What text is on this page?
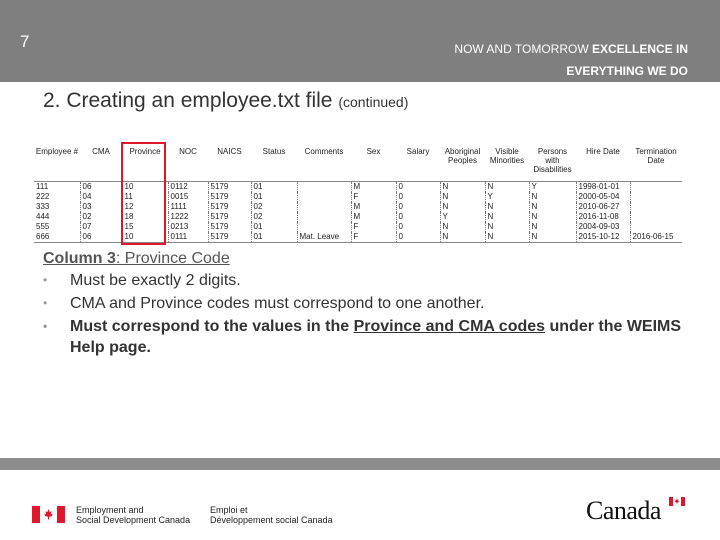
7	NOW AND TOMORROW EXCELLENCE IN EVERYTHING WE DO
2. Creating an employee.txt file (continued)
Employee #	CMA	Province	NOC	NAICS	Status	Comments	Sex	Salary	Aboriginal Peoples	Visible Minorities	Persons with Disabilities	Hire Date	Termination Date
111	06	10	0112	5179	01		M	0	N	N	Y	1998-01-01	
222	04	11	0015	5179	01		F	0	N	Y	N	2000-05-04	
333	03	12	1111	5179	02		M	0	N	N	N	2010-06-27	
444	02	18	1222	5179	02		M	0	Y	N	N	2016-11-08	
555	07	15	0213	5179	01		F	0	N	N	N	2004-09-03	
666	06	10	0111	5179	01	Mat. Leave	F	0	N	N	N	2015-10-12	2016-06-15
Column 3: Province Code
• Must be exactly 2 digits.
• CMA and Province codes must correspond to one another.
• Must correspond to the values in the Province and CMA codes under the WEIMS Help page.
Employment and
Social Development Canada
Emploi et
Développement social Canada	Canada
